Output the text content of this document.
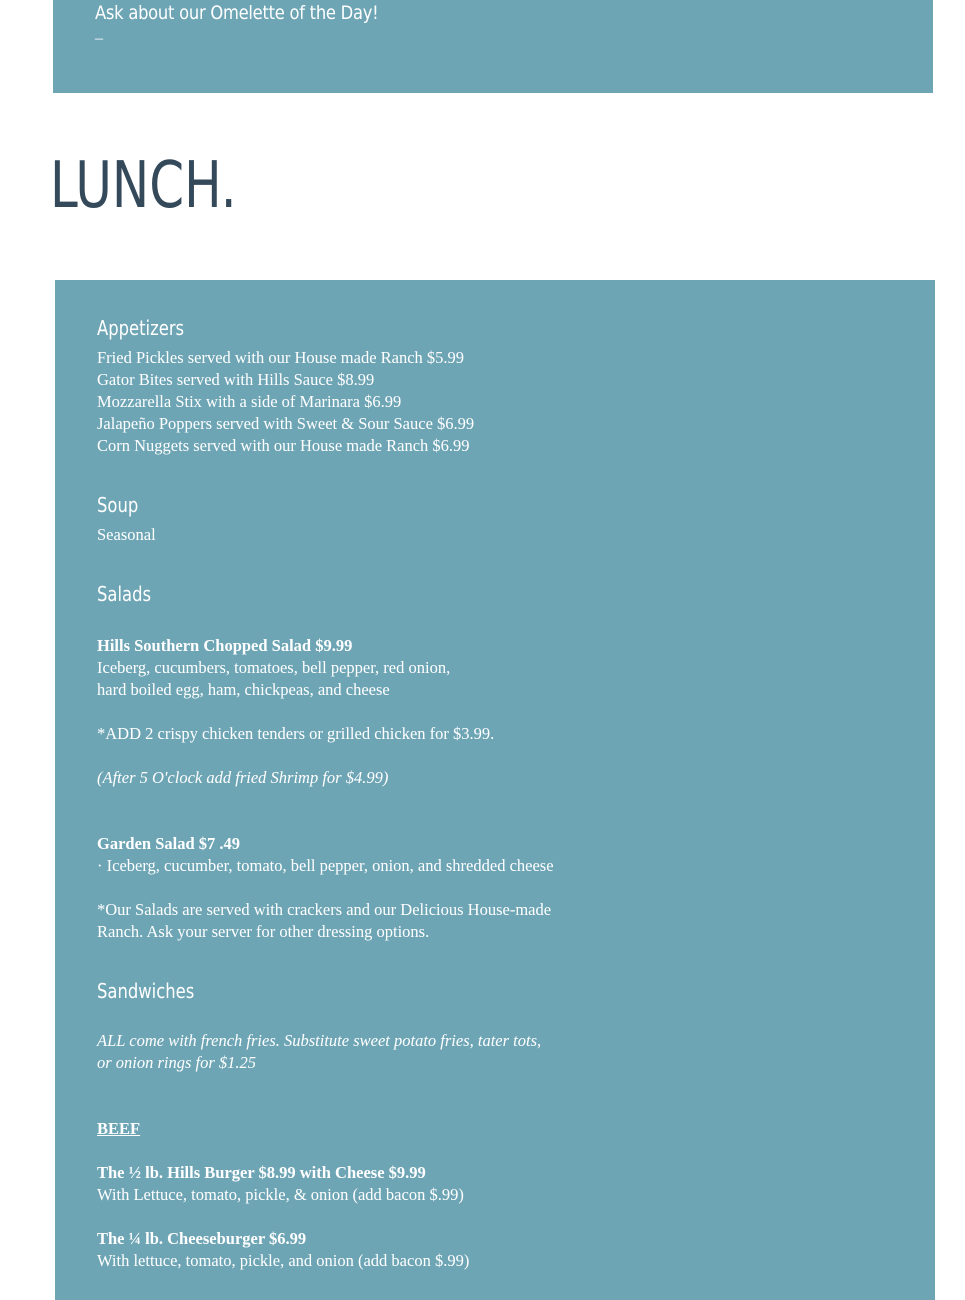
Ask about our Omelette of the Day!
–
LUNCH.
Appetizers
Fried Pickles served with our House made Ranch $5.99
Gator Bites served with Hills Sauce $8.99
Mozzarella Stix with a side of Marinara $6.99
Jalapeño Poppers served with Sweet & Sour Sauce $6.99
Corn Nuggets served with our House made Ranch $6.99
Soup
Seasonal
Salads
Hills Southern Chopped Salad $9.99
Iceberg, cucumbers, tomatoes, bell pepper, red onion,
hard boiled egg, ham, chickpeas, and cheese
*ADD 2 crispy chicken tenders or grilled chicken for $3.99.
(After 5 O'clock add fried Shrimp for $4.99)
Garden Salad $7 .49
· Iceberg, cucumber, tomato, bell pepper, onion, and shredded cheese
*Our Salads are served with crackers and our Delicious House-made
Ranch. Ask your server for other dressing options.
Sandwiches
ALL come with french fries. Substitute sweet potato fries, tater tots,
or onion rings for $1.25
BEEF
The ½ lb. Hills Burger $8.99 with Cheese $9.99
With Lettuce, tomato, pickle, & onion (add bacon $.99)
The ¼ lb. Cheeseburger $6.99
With lettuce, tomato, pickle, and onion (add bacon $.99)
